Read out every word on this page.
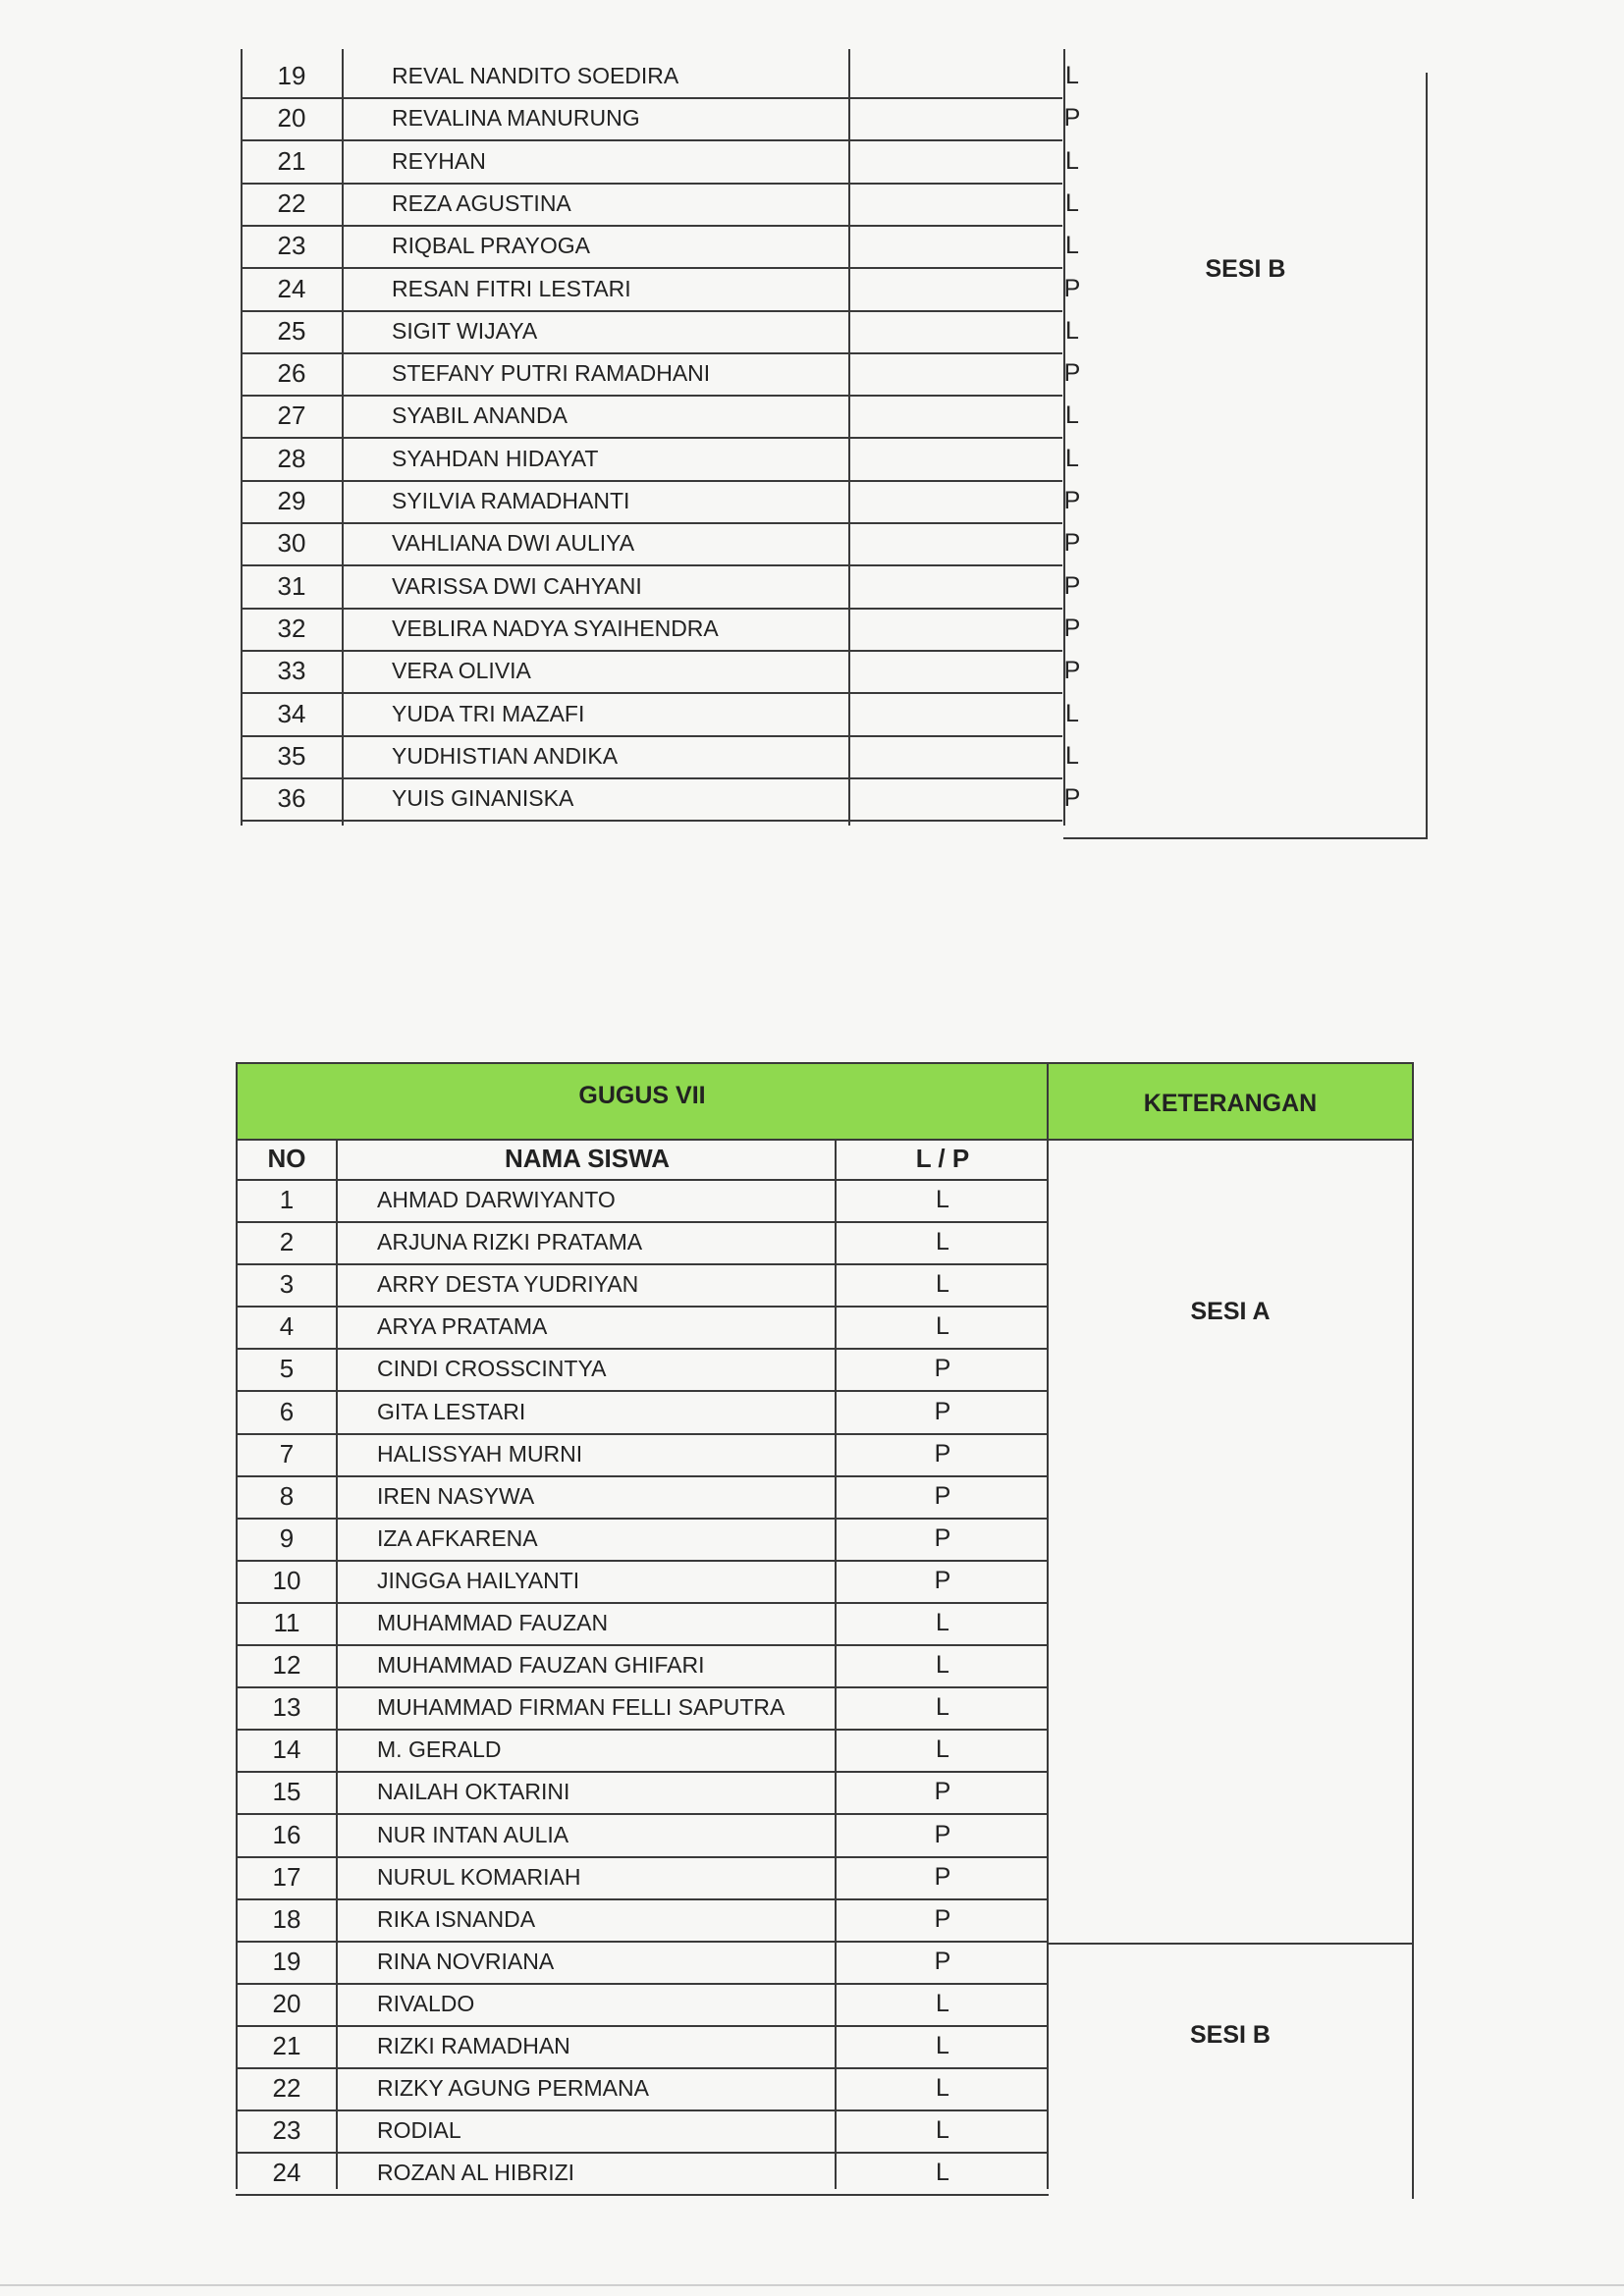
19	REVAL NANDITO SOEDIRA	L
20	REVALINA MANURUNG	P
21	REYHAN	L
22	REZA AGUSTINA	L
23	RIQBAL PRAYOGA	L
24	RESAN FITRI LESTARI	P
25	SIGIT WIJAYA	L
26	STEFANY PUTRI RAMADHANI	P
27	SYABIL ANANDA	L
28	SYAHDAN HIDAYAT	L
29	SYILVIA RAMADHANTI	P
30	VAHLIANA DWI AULIYA	P
31	VARISSA DWI CAHYANI	P
32	VEBLIRA NADYA SYAIHENDRA	P
33	VERA OLIVIA	P
34	YUDA TRI MAZAFI	L
35	YUDHISTIAN ANDIKA	L
36	YUIS GINANISKA	P
SESI B
GUGUS VII	KETERANGAN
NO	NAMA SISWA	L / P
1	AHMAD DARWIYANTO	L
2	ARJUNA RIZKI PRATAMA	L
3	ARRY DESTA YUDRIYAN	L
4	ARYA PRATAMA	L
5	CINDI CROSSCINTYA	P
6	GITA LESTARI	P
7	HALISSYAH MURNI	P
8	IREN NASYWA	P
9	IZA AFKARENA	P
10	JINGGA HAILYANTI	P
11	MUHAMMAD FAUZAN	L
12	MUHAMMAD FAUZAN GHIFARI	L
13	MUHAMMAD FIRMAN FELLI SAPUTRA	L
14	M. GERALD	L
15	NAILAH OKTARINI	P
16	NUR INTAN AULIA	P
17	NURUL KOMARIAH	P
18	RIKA ISNANDA	P
19	RINA NOVRIANA	P
20	RIVALDO	L
21	RIZKI RAMADHAN	L
22	RIZKY AGUNG PERMANA	L
23	RODIAL	L
24	ROZAN AL HIBRIZI	L
SESI A
SESI B
